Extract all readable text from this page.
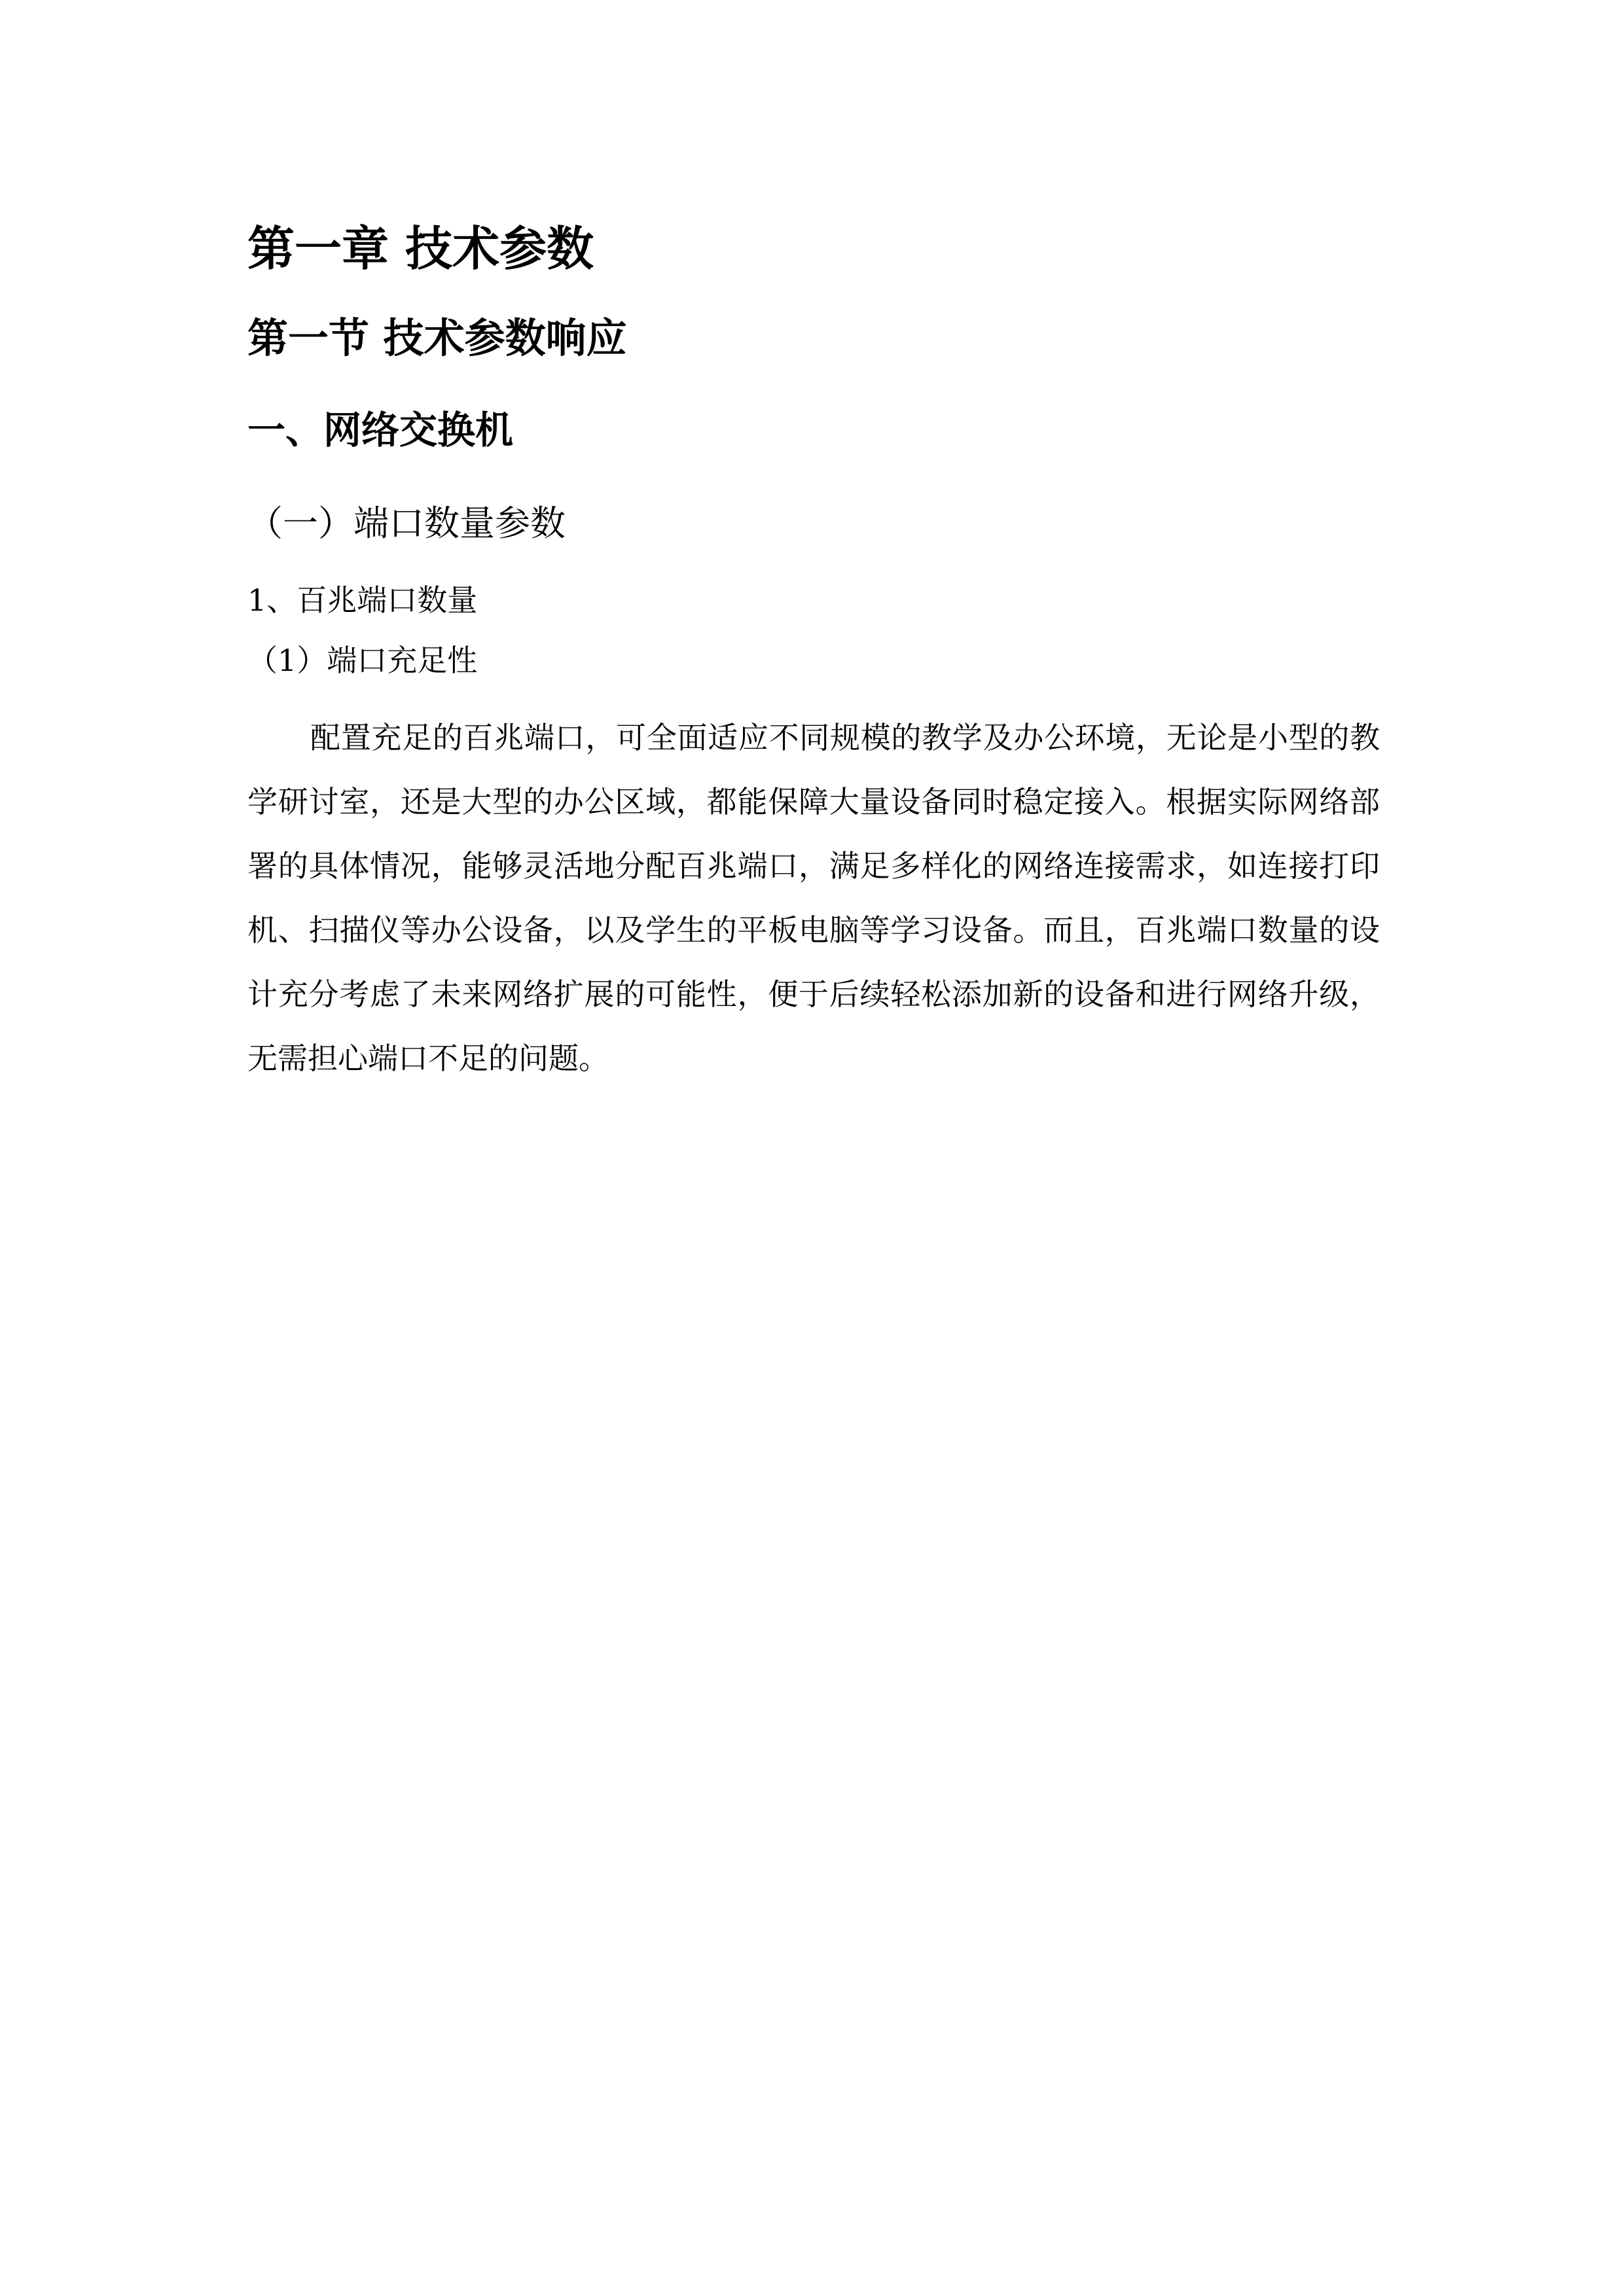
第一章 技术参数
第一节 技术参数响应
一、网络交换机
（一）端口数量参数
1、百兆端口数量
（1）端口充足性

配置充足的百兆端口，可全面适应不同规模的教学及办公环境，无论是小型的教学研讨室，还是大型的办公区域，都能保障大量设备同时稳定接入。根据实际网络部署的具体情况，能够灵活地分配百兆端口，满足多样化的网络连接需求，如连接打印机、扫描仪等办公设备，以及学生的平板电脑等学习设备。而且，百兆端口数量的设计充分考虑了未来网络扩展的可能性，便于后续轻松添加新的设备和进行网络升级，无需担心端口不足的问题。
